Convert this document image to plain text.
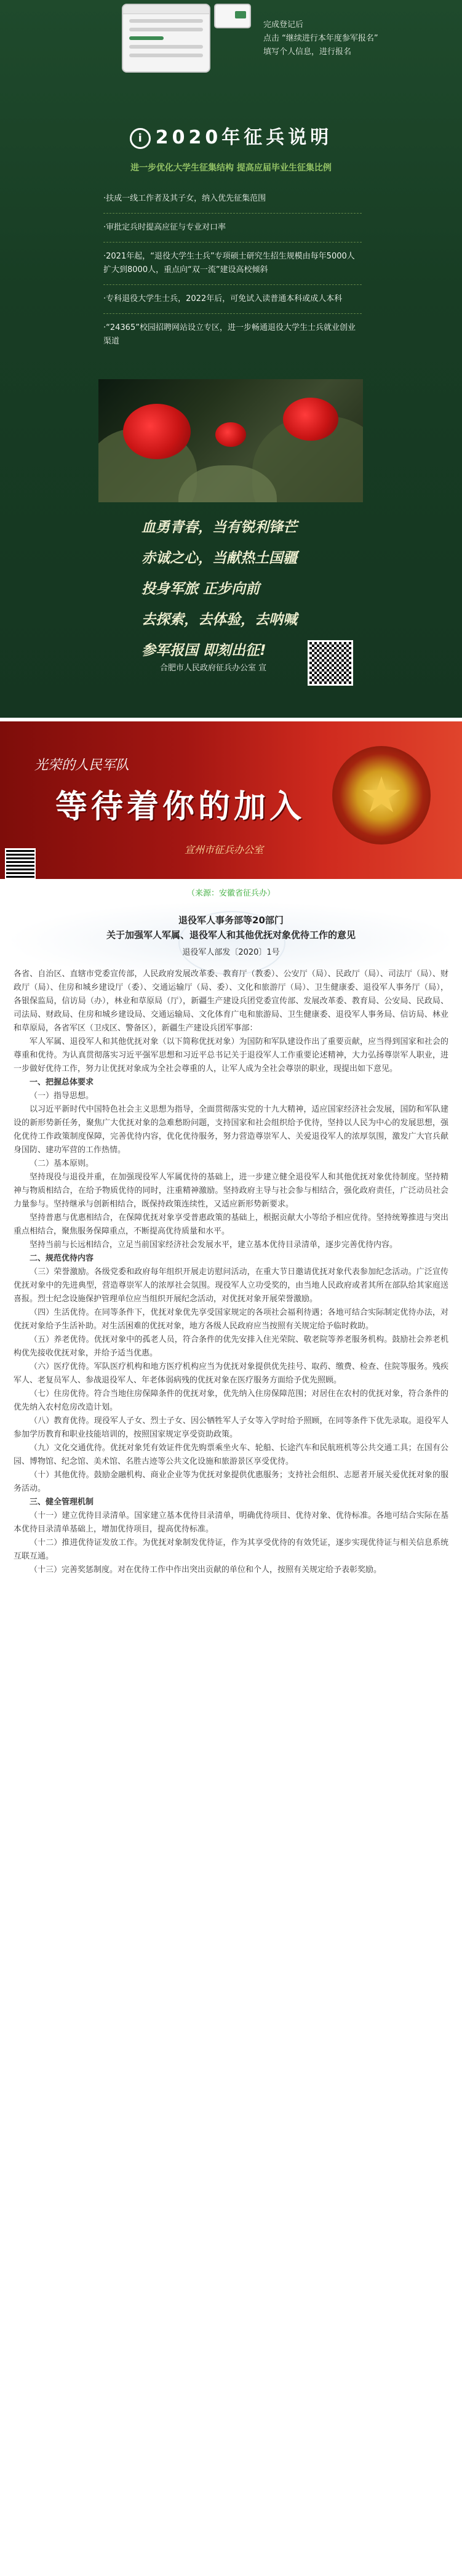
完成登记后
点击 “继续进行本年度参军报名”
填写个人信息，进行报名
i 2020年征兵说明
进一步优化大学生征集结构 提高应届毕业生征集比例
·扶成一线工作者及其子女，纳入优先征集范围
·审批定兵时提高应征与专业对口率
·2021年起，“退役大学生士兵”专项硕士研究生招生规模由每年5000人扩大到8000人，重点向“双一流”建设高校倾斜
·专科退役大学生士兵，2022年后，可免试入读普通本科或成人本科
·“24365”校园招聘网站设立专区，进一步畅通退役大学生士兵就业创业渠道
血勇青春，当有锐利锋芒
赤诚之心，当献热土国疆
投身军旅 正步向前
去探索，去体验，去呐喊
参军报国 即刻出征!
合肥市人民政府征兵办公室 宣
★
光荣的人民军队
等待着你的加入
宣州市征兵办公室
（来源：安徽省征兵办）
退役军人事务部等20部门
关于加强军人军属、退役军人和其他优抚对象优待工作的意见
退役军人部发〔2020〕1号

各省、自治区、直辖市党委宣传部，人民政府发展改革委、教育厅（教委）、公安厅（局）、民政厅（局）、司法厅（局）、财政厅（局）、住房和城乡建设厅（委）、交通运输厅（局、委）、文化和旅游厅（局）、卫生健康委、退役军人事务厅（局），各银保监局，信访局（办），林业和草原局（厅），新疆生产建设兵团党委宣传部、发展改革委、教育局、公安局、民政局、司法局、财政局、住房和城乡建设局、交通运输局、文化体育广电和旅游局、卫生健康委、退役军人事务局、信访局、林业和草原局，各省军区（卫戍区、警备区），新疆生产建设兵团军事部：

军人军属、退役军人和其他优抚对象（以下简称优抚对象）为国防和军队建设作出了重要贡献，应当得到国家和社会的尊重和优待。为认真贯彻落实习近平强军思想和习近平总书记关于退役军人工作重要论述精神，大力弘扬尊崇军人职业，进一步做好优待工作，努力让优抚对象成为全社会尊重的人，让军人成为全社会尊崇的职业，现提出如下意见。

一、把握总体要求

（一）指导思想。

以习近平新时代中国特色社会主义思想为指导，全面贯彻落实党的十九大精神，适应国家经济社会发展，国防和军队建设的新形势新任务，聚焦广大优抚对象的急难愁盼问题，支持国家和社会组织给予优待，坚持以人民为中心的发展思想，强化优待工作政策制度保障，完善优待内容，优化优待服务，努力营造尊崇军人、关爱退役军人的浓厚氛围，激发广大官兵献身国防、建功军营的工作热情。

（二）基本原则。

坚持现役与退役并重，在加强现役军人军属优待的基础上，进一步建立健全退役军人和其他优抚对象优待制度。坚持精神与物质相结合，在给予物质优待的同时，注重精神激励。坚持政府主导与社会参与相结合，强化政府责任，广泛动员社会力量参与。坚持继承与创新相结合，既保持政策连续性，又适应新形势新要求。

坚持普惠与优惠相结合，在保障优抚对象享受普惠政策的基础上，根据贡献大小等给予相应优待。坚持统筹推进与突出重点相结合，聚焦服务保障重点，不断提高优待质量和水平。

坚持当前与长远相结合，立足当前国家经济社会发展水平，建立基本优待目录清单，逐步完善优待内容。

二、规范优待内容

（三）荣誉激励。各级党委和政府每年组织开展走访慰问活动，在重大节日邀请优抚对象代表参加纪念活动。广泛宣传优抚对象中的先进典型，营造尊崇军人的浓厚社会氛围。现役军人立功受奖的，由当地人民政府或者其所在部队给其家庭送喜报。烈士纪念设施保护管理单位应当组织开展纪念活动，对优抚对象开展荣誉激励。

（四）生活优待。在同等条件下，优抚对象优先享受国家规定的各项社会福利待遇；各地可结合实际制定优待办法，对优抚对象给予生活补助。对生活困难的优抚对象，地方各级人民政府应当按照有关规定给予临时救助。

（五）养老优待。优抚对象中的孤老人员，符合条件的优先安排入住光荣院、敬老院等养老服务机构。鼓励社会养老机构优先接收优抚对象，并给予适当优惠。

（六）医疗优待。军队医疗机构和地方医疗机构应当为优抚对象提供优先挂号、取药、缴费、检查、住院等服务。残疾军人、老复员军人、参战退役军人、年老体弱病残的优抚对象在医疗服务方面给予优先照顾。

（七）住房优待。符合当地住房保障条件的优抚对象，优先纳入住房保障范围；对居住在农村的优抚对象，符合条件的优先纳入农村危房改造计划。

（八）教育优待。现役军人子女、烈士子女、因公牺牲军人子女等入学时给予照顾，在同等条件下优先录取。退役军人参加学历教育和职业技能培训的，按照国家规定享受资助政策。

（九）文化交通优待。优抚对象凭有效证件优先购票乘坐火车、轮船、长途汽车和民航班机等公共交通工具；在国有公园、博物馆、纪念馆、美术馆、名胜古迹等公共文化设施和旅游景区享受优待。

（十）其他优待。鼓励金融机构、商业企业等为优抚对象提供优惠服务；支持社会组织、志愿者开展关爱优抚对象的服务活动。

三、健全管理机制

（十一）建立优待目录清单。国家建立基本优待目录清单，明确优待项目、优待对象、优待标准。各地可结合实际在基本优待目录清单基础上，增加优待项目，提高优待标准。

（十二）推进优待证发放工作。为优抚对象制发优待证，作为其享受优待的有效凭证，逐步实现优待证与相关信息系统互联互通。

（十三）完善奖惩制度。对在优待工作中作出突出贡献的单位和个人，按照有关规定给予表彰奖励。
